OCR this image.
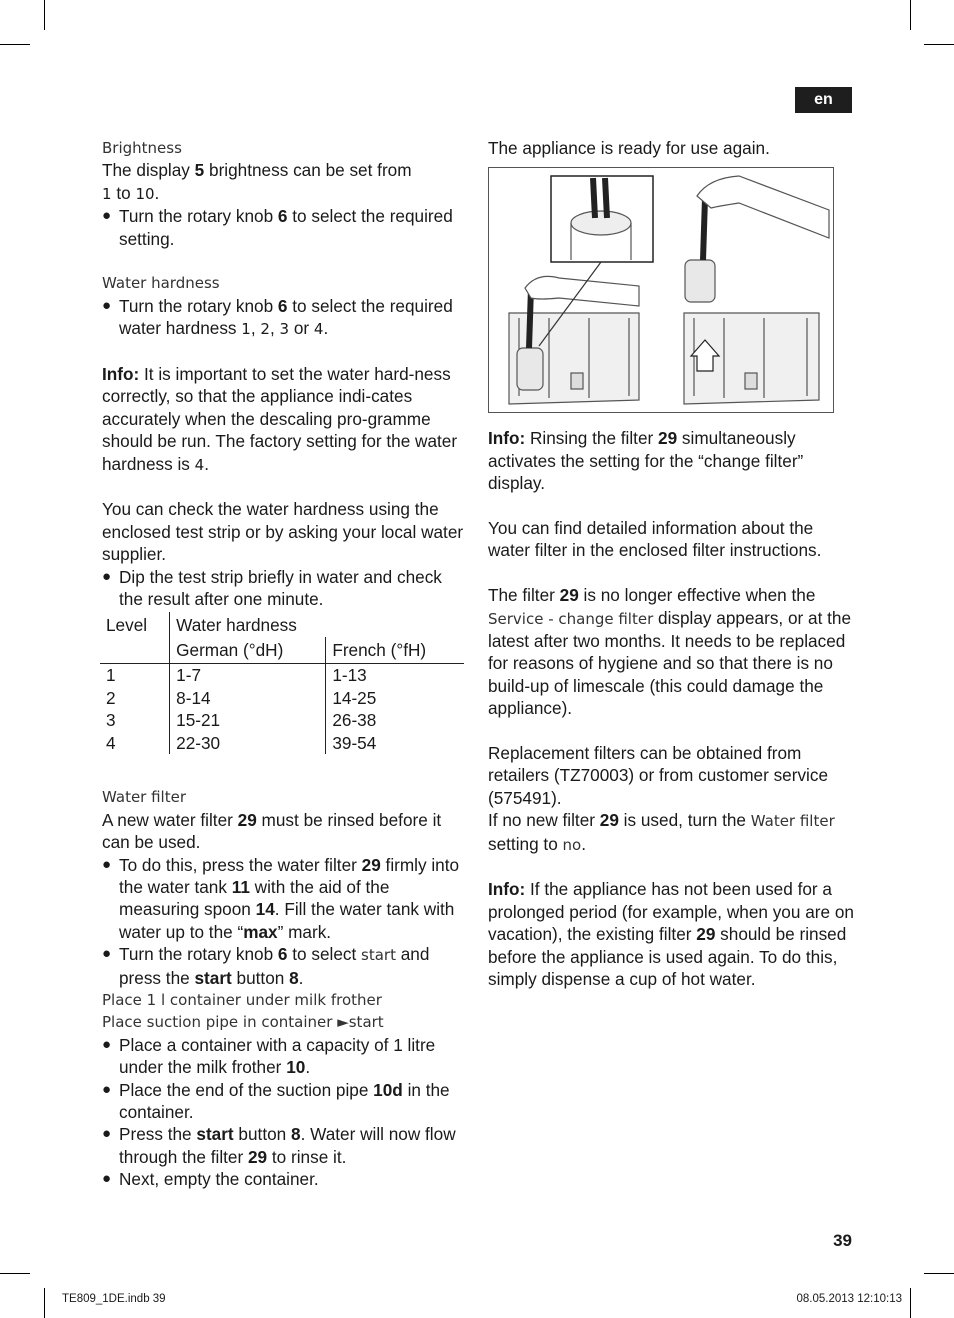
en

Brightness

The display 5 brightness can be set from
1 to 10.

● Turn the rotary knob 6 to select the required setting.

Water hardness

● Turn the rotary knob 6 to select the required water hardness 1, 2, 3 or 4.

Info: It is important to set the water hard-ness correctly, so that the appliance indi-cates accurately when the descaling pro-gramme should be run. The factory setting for the water hardness is 4.

You can check the water hardness using the enclosed test strip or by asking your local water supplier.

● Dip the test strip briefly in water and check the result after one minute.

Level	Water hardness	
	German (°dH)	French (°fH)
1	1-7	1-13
2	8-14	14-25
3	15-21	26-38
4	22-30	39-54

Water filter

A new water filter 29 must be rinsed before it can be used.

● To do this, press the water filter 29 firmly into the water tank 11 with the aid of the measuring spoon 14. Fill the water tank with water up to the “max” mark.

● Turn the rotary knob 6 to select start and press the start button 8.

Place 1 l container under milk frother

Place suction pipe in container ►start

● Place a container with a capacity of 1 litre under the milk frother 10.

● Place the end of the suction pipe 10d in the container.

● Press the start button 8. Water will now flow through the filter 29 to rinse it.

● Next, empty the container.

The appliance is ready for use again.

Info: Rinsing the filter 29 simultaneously activates the setting for the “change filter” display.

You can find detailed information about the water filter in the enclosed filter instructions.

The filter 29 is no longer effective when the Service - change filter display appears, or at the latest after two months. It needs to be replaced for reasons of hygiene and so that there is no build-up of limescale (this could damage the appliance).

Replacement filters can be obtained from retailers (TZ70003) or from customer service (575491).

If no new filter 29 is used, turn the Water filter setting to no.

Info: If the appliance has not been used for a prolonged period (for example, when you are on vacation), the existing filter 29 should be rinsed before the appliance is used again. To do this, simply dispense a cup of hot water.

39
TE809_1DE.indb 39	08.05.2013 12:10:13
